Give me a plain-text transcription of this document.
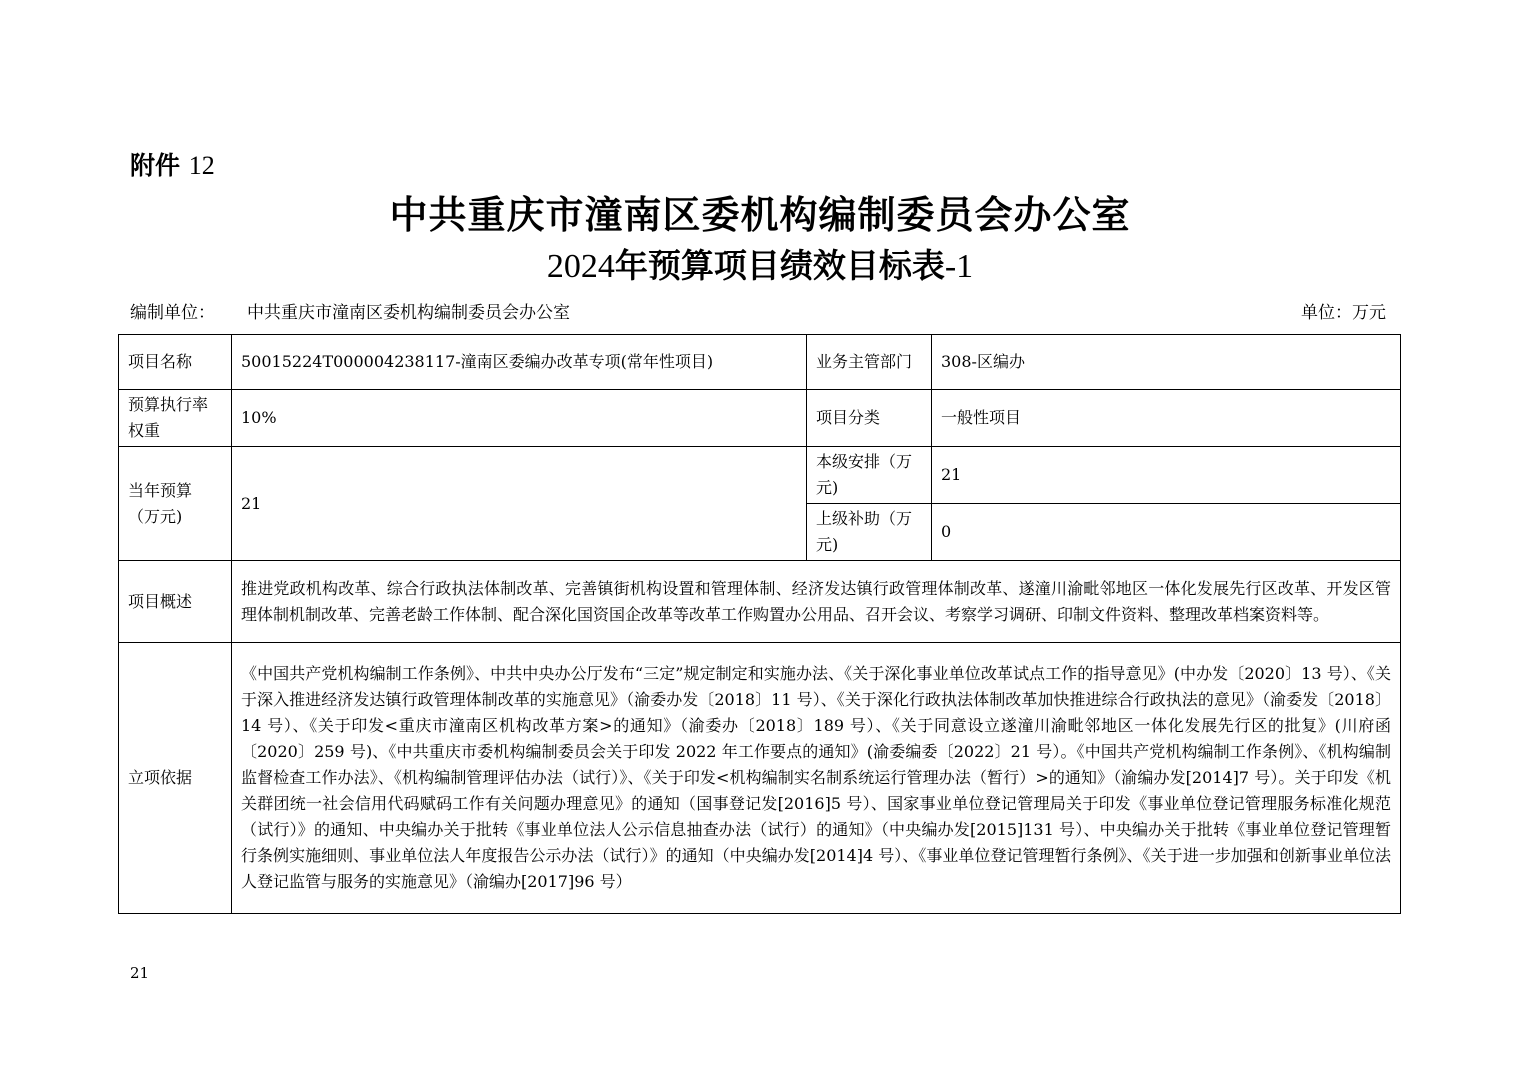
附件 12
中共重庆市潼南区委机构编制委员会办公室
2024年预算项目绩效目标表-1
编制单位： 中共重庆市潼南区委机构编制委员会办公室	单位：万元
项目名称	50015224T000004238117-潼南区委编办改革专项(常年性项目)	业务主管部门	308-区编办
预算执行率权重	10%	项目分类	一般性项目
当年预算（万元)	21	本级安排（万元)	21
		上级补助（万元)	0
项目概述	推进党政机构改革、综合行政执法体制改革、完善镇街机构设置和管理体制、经济发达镇行政管理体制改革、遂潼川渝毗邻地区一体化发展先行区改革、开发区管理体制机制改革、完善老龄工作体制、配合深化国资国企改革等改革工作购置办公用品、召开会议、考察学习调研、印制文件资料、整理改革档案资料等。		
立项依据	《中国共产党机构编制工作条例》、中共中央办公厅发布“三定”规定制定和实施办法、《关于深化事业单位改革试点工作的指导意见》(中办发〔2020〕13 号）、《关于深入推进经济发达镇行政管理体制改革的实施意见》（渝委办发〔2018〕11 号）、《关于深化行政执法体制改革加快推进综合行政执法的意见》（渝委发〔2018〕14 号）、《关于印发<重庆市潼南区机构改革方案>的通知》（渝委办〔2018〕189 号）、《关于同意设立遂潼川渝毗邻地区一体化发展先行区的批复》(川府函〔2020〕259 号)、《中共重庆市委机构编制委员会关于印发 2022 年工作要点的通知》(渝委编委〔2022〕21 号）。《中国共产党机构编制工作条例》、《机构编制监督检查工作办法》、《机构编制管理评估办法（试行）》、《关于印发<机构编制实名制系统运行管理办法（暂行）>的通知》（渝编办发[2014]7 号）。关于印发《机关群团统一社会信用代码赋码工作有关问题办理意见》的通知（国事登记发[2016]5 号）、国家事业单位登记管理局关于印发《事业单位登记管理服务标准化规范（试行）》的通知、中央编办关于批转《事业单位法人公示信息抽查办法（试行）的通知》（中央编办发[2015]131 号）、中央编办关于批转《事业单位登记管理暂行条例实施细则、事业单位法人年度报告公示办法（试行）》的通知（中央编办发[2014]4 号）、《事业单位登记管理暂行条例》、《关于进一步加强和创新事业单位法人登记监管与服务的实施意见》（渝编办[2017]96 号）		
21
